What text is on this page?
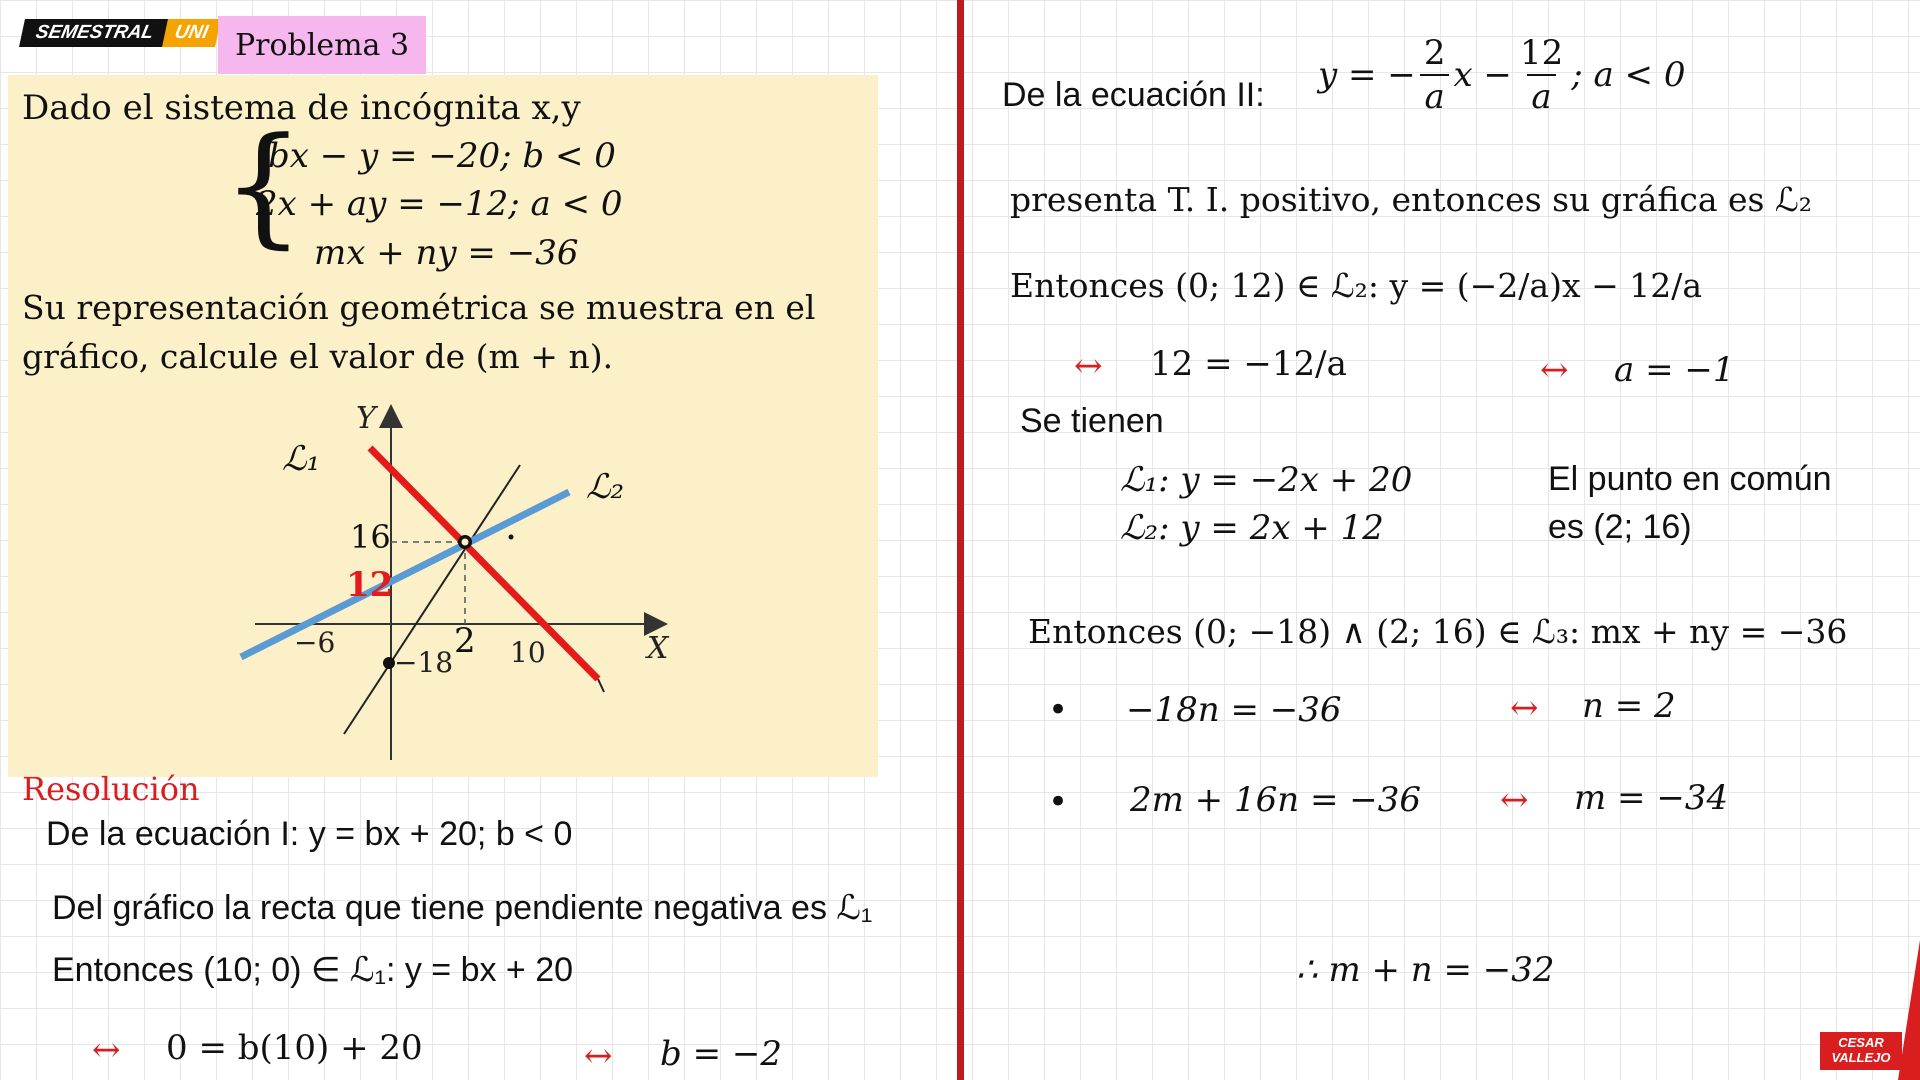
SEMESTRAL UNI Problema 3
Dado el sistema de incógnita x,y
{
bx − y = −20; b < 0
2x + ay = −12; a < 0
mx + ny = −36
Su representación geométrica se muestra en el
gráfico, calcule el valor de (m + n).
X
Y
ℒ₁
ℒ₂
−6
−18 10
12
16
2
Resolución
De la ecuación I: y = bx + 20; b < 0
Del gráfico la recta que tiene pendiente negativa es ℒ₁
Entonces (10; 0) ∈ ℒ₁: y = bx + 20
↔ 0 = b(10) + 20	↔ b = −2
De la ecuación II: y = − $\frac{2}{a}$ $x - \frac{12}{a}$ ; a < 0
presenta T. I. positivo, entonces su gráfica es ℒ₂
Entonces (0; 12) ∈ ℒ₂: y = (−2/a)x − 12/a
↔ 12 = −12/a	↔ a = −1
Se tienen
ℒ₁: y = −2x + 20
ℒ₂: y = 2x + 12
El punto en común
es (2; 16)
Entonces (0; −18) ∧ (2; 16) ∈ ℒ₃: mx + ny = −36
• −18n = −36	↔ n = 2
• 2m + 16n = −36 ↔ m = −34
∴ m + n = −32
CESAR
VALLEJO
